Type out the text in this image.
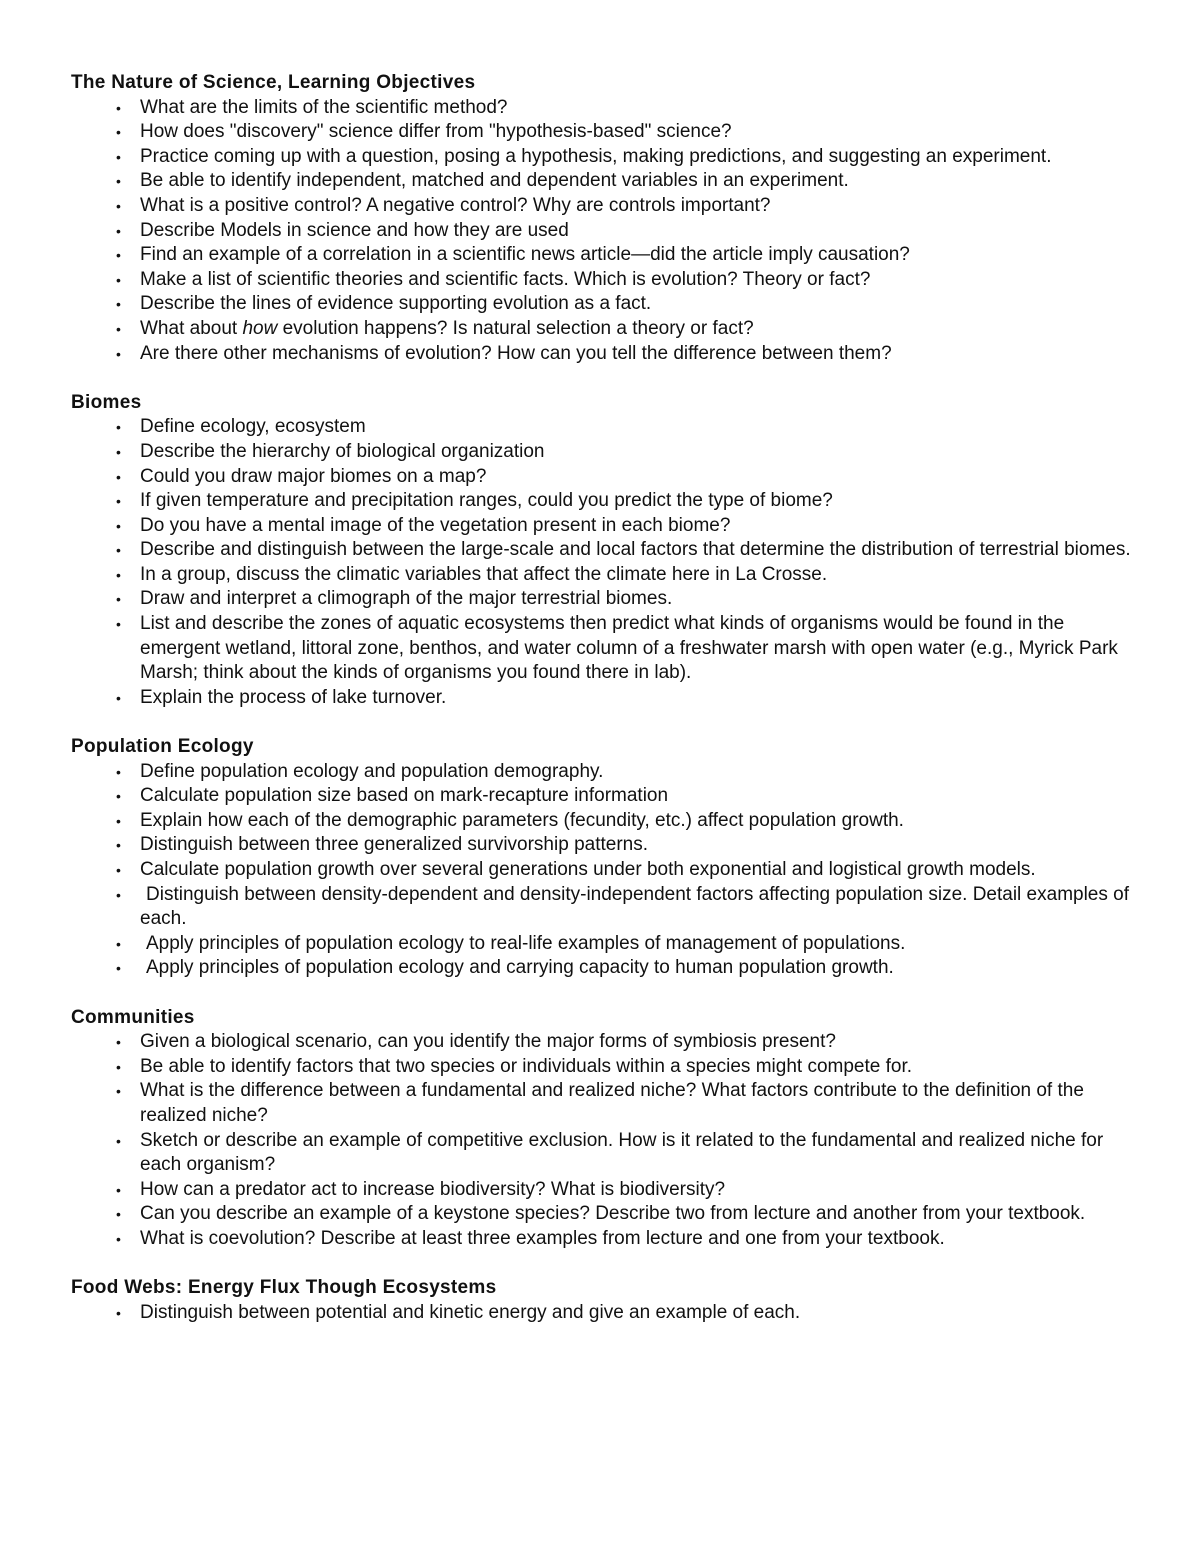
The Nature of Science, Learning Objectives
• What are the limits of the scientific method?
• How does "discovery" science differ from "hypothesis-based" science?
• Practice coming up with a question, posing a hypothesis, making predictions, and suggesting an experiment.
• Be able to identify independent, matched and dependent variables in an experiment.
• What is a positive control? A negative control? Why are controls important?
• Describe Models in science and how they are used
• Find an example of a correlation in a scientific news article—did the article imply causation?
• Make a list of scientific theories and scientific facts. Which is evolution? Theory or fact?
• Describe the lines of evidence supporting evolution as a fact.
• What about how evolution happens? Is natural selection a theory or fact?
• Are there other mechanisms of evolution? How can you tell the difference between them?
Biomes
• Define ecology, ecosystem
• Describe the hierarchy of biological organization
• Could you draw major biomes on a map?
• If given temperature and precipitation ranges, could you predict the type of biome?
• Do you have a mental image of the vegetation present in each biome?
• Describe and distinguish between the large-scale and local factors that determine the distribution of terrestrial biomes.
• In a group, discuss the climatic variables that affect the climate here in La Crosse.
• Draw and interpret a climograph of the major terrestrial biomes.
• List and describe the zones of aquatic ecosystems then predict what kinds of organisms would be found in the emergent wetland, littoral zone, benthos, and water column of a freshwater marsh with open water (e.g., Myrick Park Marsh; think about the kinds of organisms you found there in lab).
• Explain the process of lake turnover.
Population Ecology
• Define population ecology and population demography.
• Calculate population size based on mark-recapture information
• Explain how each of the demographic parameters (fecundity, etc.) affect population growth.
• Distinguish between three generalized survivorship patterns.
• Calculate population growth over several generations under both exponential and logistical growth models.
• Distinguish between density-dependent and density-independent factors affecting population size. Detail examples of each.
• Apply principles of population ecology to real-life examples of management of populations.
• Apply principles of population ecology and carrying capacity to human population growth.
Communities
• Given a biological scenario, can you identify the major forms of symbiosis present?
• Be able to identify factors that two species or individuals within a species might compete for.
• What is the difference between a fundamental and realized niche? What factors contribute to the definition of the realized niche?
• Sketch or describe an example of competitive exclusion. How is it related to the fundamental and realized niche for each organism?
• How can a predator act to increase biodiversity? What is biodiversity?
• Can you describe an example of a keystone species? Describe two from lecture and another from your textbook.
• What is coevolution? Describe at least three examples from lecture and one from your textbook.
Food Webs: Energy Flux Though Ecosystems
• Distinguish between potential and kinetic energy and give an example of each.
